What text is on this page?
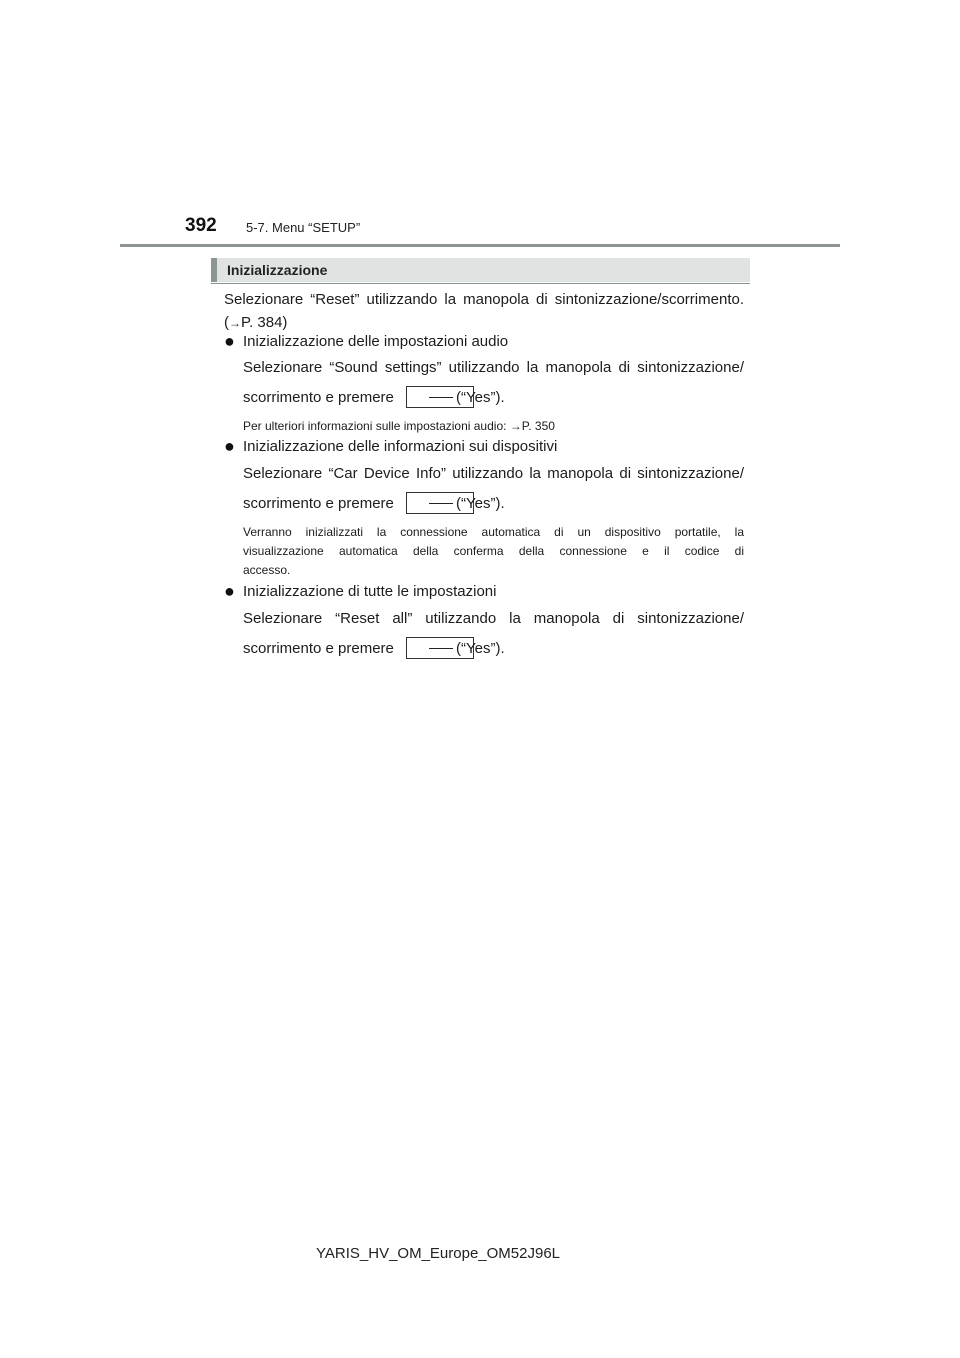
392 5-7. Menu “SETUP”
Inizializzazione
Selezionare “Reset” utilizzando la manopola di sintonizzazione/scorrimento.
(→P. 384)
● Inizializzazione delle impostazioni audio
Selezionare “Sound settings” utilizzando la manopola di sintonizzazione/
scorrimento e premere	(“Yes”).
Per ulteriori informazioni sulle impostazioni audio: →P. 350
● Inizializzazione delle informazioni sui dispositivi
Selezionare “Car Device Info” utilizzando la manopola di sintonizzazione/
scorrimento e premere	(“Yes”).
Verranno inizializzati la connessione automatica di un dispositivo portatile, la
visualizzazione automatica della conferma della connessione e il codice di
accesso.
● Inizializzazione di tutte le impostazioni
Selezionare “Reset all” utilizzando la manopola di sintonizzazione/
scorrimento e premere	(“Yes”).
YARIS_HV_OM_Europe_OM52J96L
